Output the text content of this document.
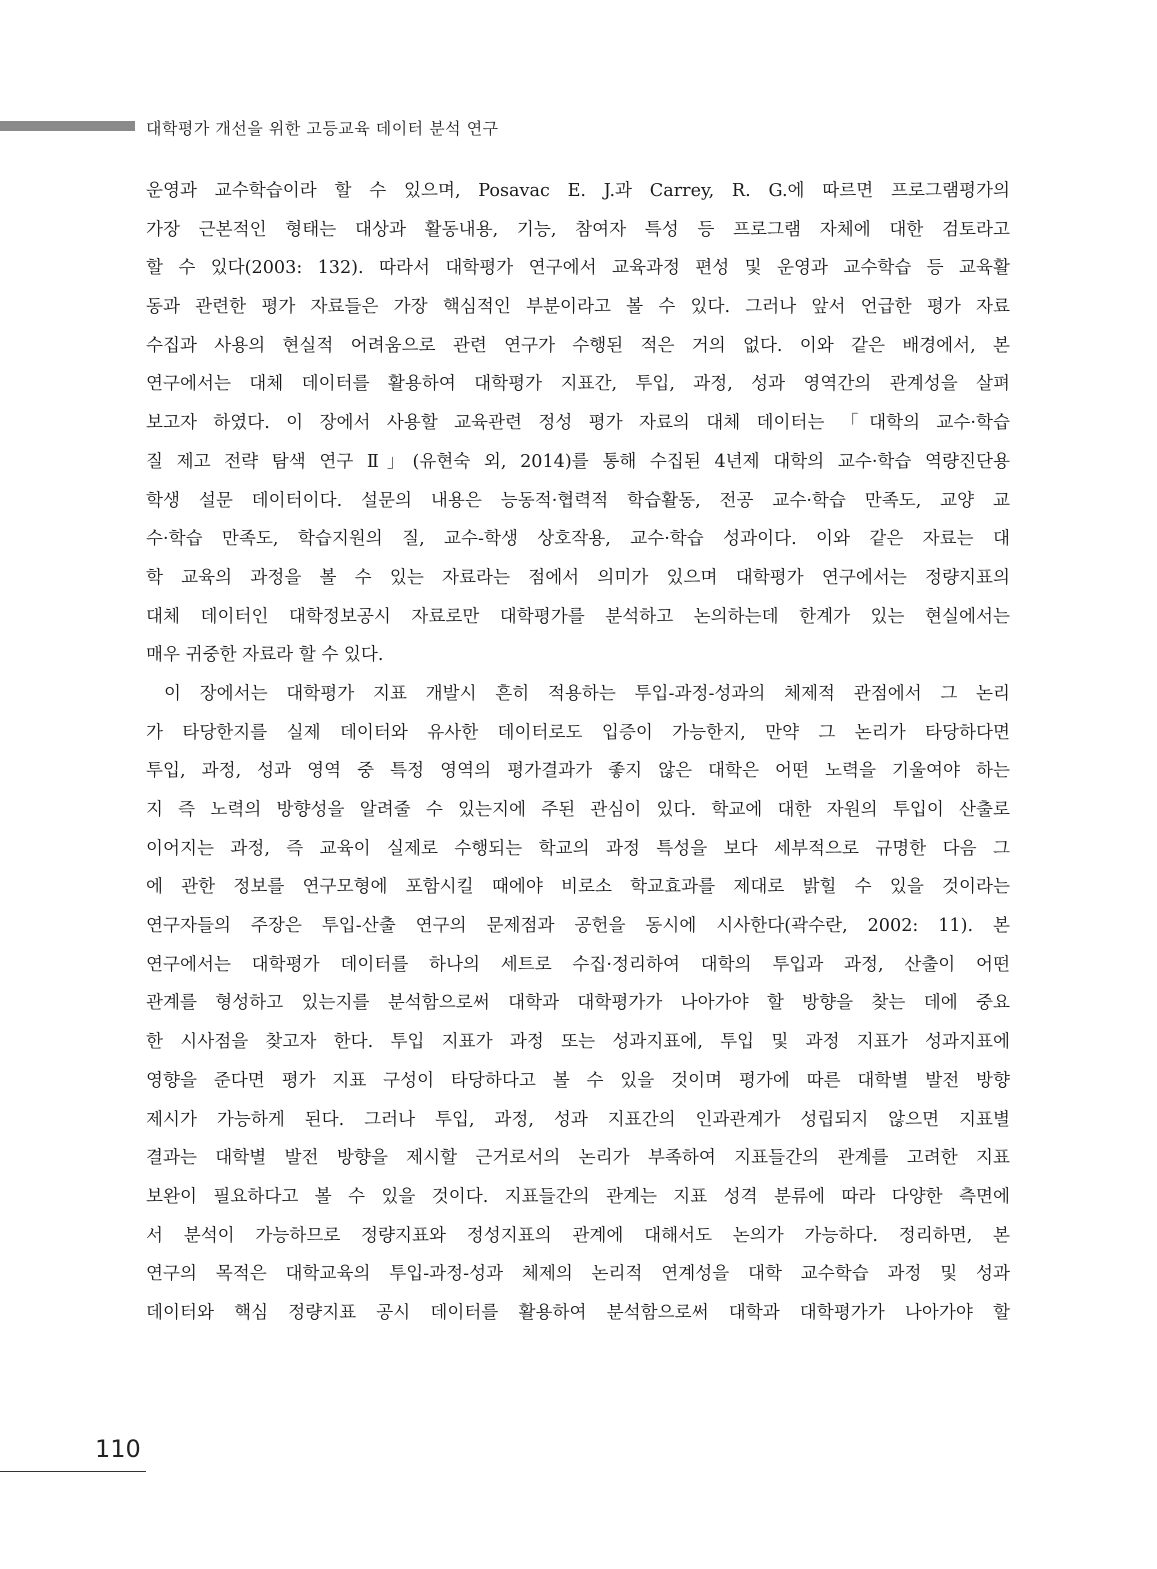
대학평가 개선을 위한 고등교육 데이터 분석 연구
운영과 교수학습이라 할 수 있으며, Posavac E. J.과 Carrey, R. G.에 따르면 프로그램평가의
가장 근본적인 형태는 대상과 활동내용, 기능, 참여자 특성 등 프로그램 자체에 대한 검토라고
할 수 있다(2003: 132). 따라서 대학평가 연구에서 교육과정 편성 및 운영과 교수학습 등 교육활
동과 관련한 평가 자료들은 가장 핵심적인 부분이라고 볼 수 있다. 그러나 앞서 언급한 평가 자료
수집과 사용의 현실적 어려움으로 관련 연구가 수행된 적은 거의 없다. 이와 같은 배경에서, 본
연구에서는 대체 데이터를 활용하여 대학평가 지표간, 투입, 과정, 성과 영역간의 관계성을 살펴
보고자 하였다. 이 장에서 사용할 교육관련 정성 평가 자료의 대체 데이터는 「대학의 교수·학습
질 제고 전략 탐색 연구 Ⅱ」(유현숙 외, 2014)를 통해 수집된 4년제 대학의 교수·학습 역량진단용
학생 설문 데이터이다. 설문의 내용은 능동적·협력적 학습활동, 전공 교수·학습 만족도, 교양 교
수·학습 만족도, 학습지원의 질, 교수-학생 상호작용, 교수·학습 성과이다. 이와 같은 자료는 대
학 교육의 과정을 볼 수 있는 자료라는 점에서 의미가 있으며 대학평가 연구에서는 정량지표의
대체 데이터인 대학정보공시 자료로만 대학평가를 분석하고 논의하는데 한계가 있는 현실에서는
매우 귀중한 자료라 할 수 있다.
이 장에서는 대학평가 지표 개발시 흔히 적용하는 투입-과정-성과의 체제적 관점에서 그 논리
가 타당한지를 실제 데이터와 유사한 데이터로도 입증이 가능한지, 만약 그 논리가 타당하다면
투입, 과정, 성과 영역 중 특정 영역의 평가결과가 좋지 않은 대학은 어떤 노력을 기울여야 하는
지 즉 노력의 방향성을 알려줄 수 있는지에 주된 관심이 있다. 학교에 대한 자원의 투입이 산출로
이어지는 과정, 즉 교육이 실제로 수행되는 학교의 과정 특성을 보다 세부적으로 규명한 다음 그
에 관한 정보를 연구모형에 포함시킬 때에야 비로소 학교효과를 제대로 밝힐 수 있을 것이라는
연구자들의 주장은 투입-산출 연구의 문제점과 공헌을 동시에 시사한다(곽수란, 2002: 11). 본
연구에서는 대학평가 데이터를 하나의 세트로 수집·정리하여 대학의 투입과 과정, 산출이 어떤
관계를 형성하고 있는지를 분석함으로써 대학과 대학평가가 나아가야 할 방향을 찾는 데에 중요
한 시사점을 찾고자 한다. 투입 지표가 과정 또는 성과지표에, 투입 및 과정 지표가 성과지표에
영향을 준다면 평가 지표 구성이 타당하다고 볼 수 있을 것이며 평가에 따른 대학별 발전 방향
제시가 가능하게 된다. 그러나 투입, 과정, 성과 지표간의 인과관계가 성립되지 않으면 지표별
결과는 대학별 발전 방향을 제시할 근거로서의 논리가 부족하여 지표들간의 관계를 고려한 지표
보완이 필요하다고 볼 수 있을 것이다. 지표들간의 관계는 지표 성격 분류에 따라 다양한 측면에
서 분석이 가능하므로 정량지표와 정성지표의 관계에 대해서도 논의가 가능하다. 정리하면, 본
연구의 목적은 대학교육의 투입-과정-성과 체제의 논리적 연계성을 대학 교수학습 과정 및 성과
데이터와 핵심 정량지표 공시 데이터를 활용하여 분석함으로써 대학과 대학평가가 나아가야 할
110
